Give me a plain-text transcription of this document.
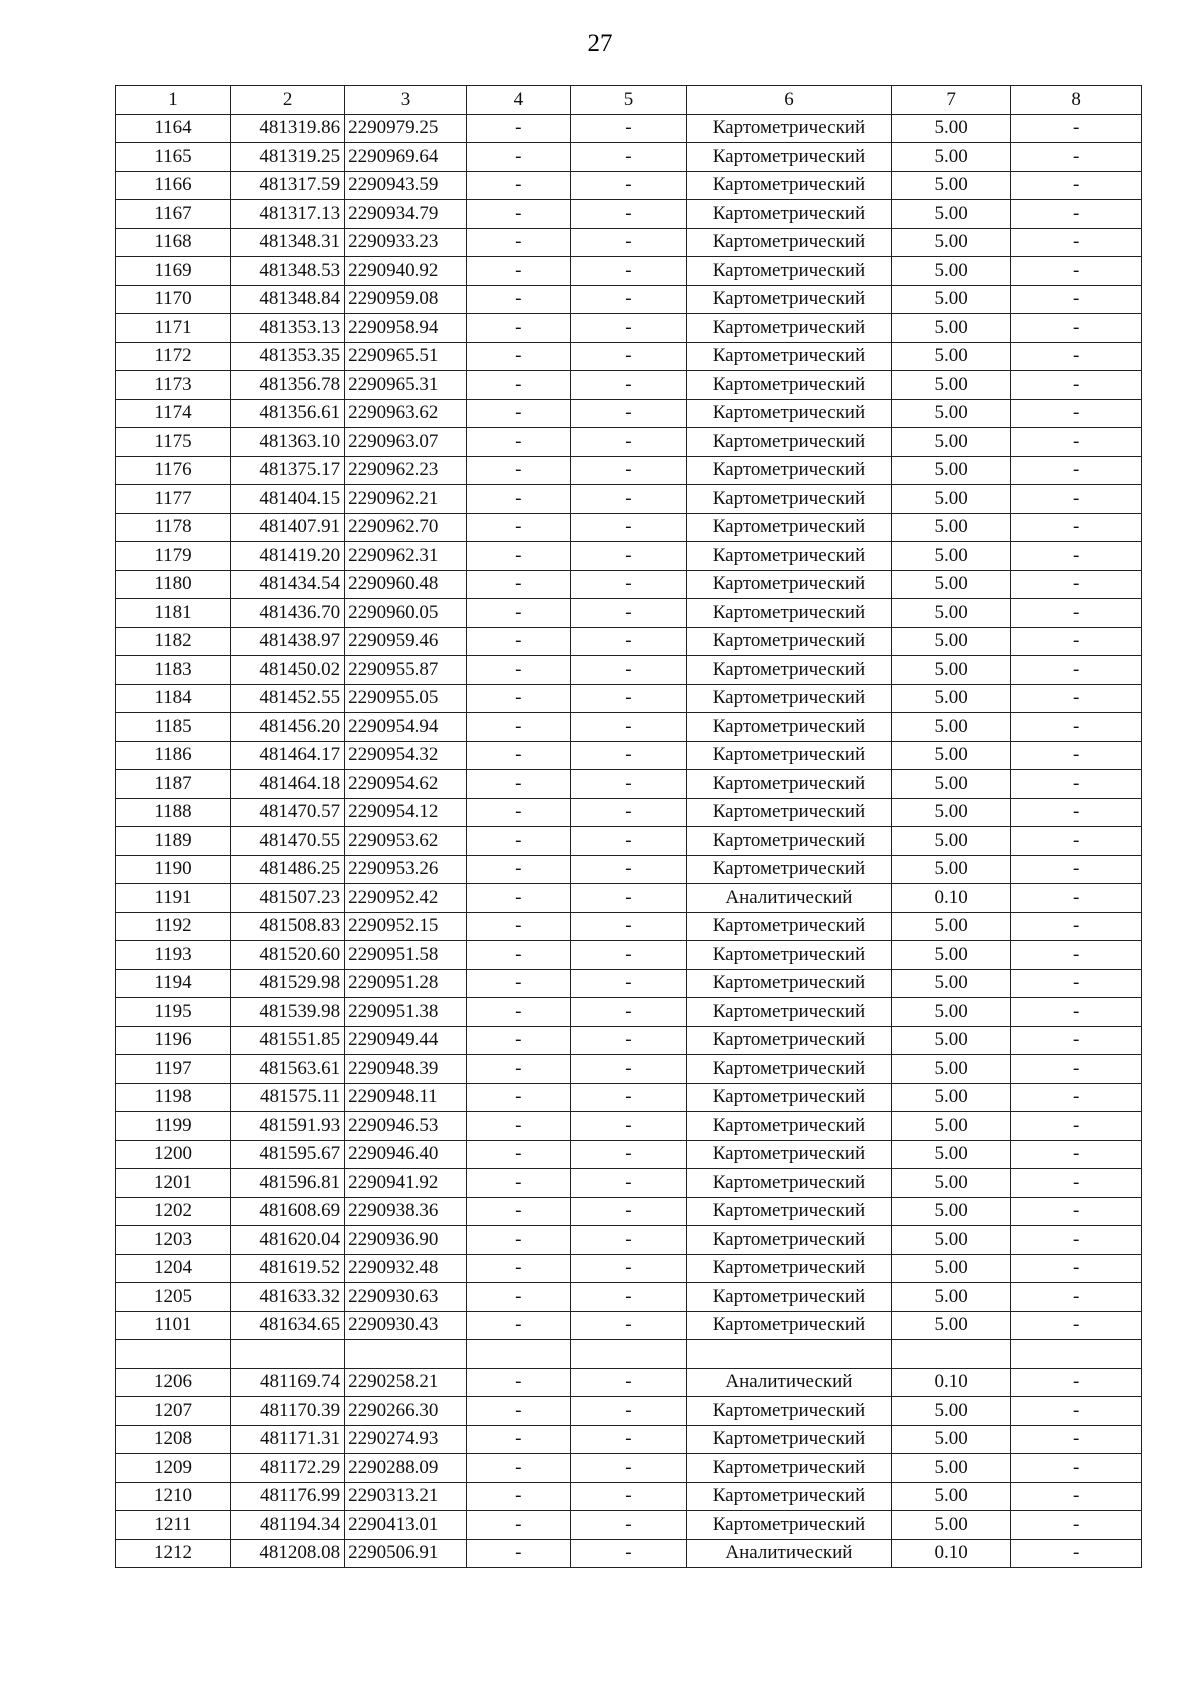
27
1	2	3	4	5	6	7	8
1164	481319.86	2290979.25	-	-	Картометрический	5.00	-
1165	481319.25	2290969.64	-	-	Картометрический	5.00	-
1166	481317.59	2290943.59	-	-	Картометрический	5.00	-
1167	481317.13	2290934.79	-	-	Картометрический	5.00	-
1168	481348.31	2290933.23	-	-	Картометрический	5.00	-
1169	481348.53	2290940.92	-	-	Картометрический	5.00	-
1170	481348.84	2290959.08	-	-	Картометрический	5.00	-
1171	481353.13	2290958.94	-	-	Картометрический	5.00	-
1172	481353.35	2290965.51	-	-	Картометрический	5.00	-
1173	481356.78	2290965.31	-	-	Картометрический	5.00	-
1174	481356.61	2290963.62	-	-	Картометрический	5.00	-
1175	481363.10	2290963.07	-	-	Картометрический	5.00	-
1176	481375.17	2290962.23	-	-	Картометрический	5.00	-
1177	481404.15	2290962.21	-	-	Картометрический	5.00	-
1178	481407.91	2290962.70	-	-	Картометрический	5.00	-
1179	481419.20	2290962.31	-	-	Картометрический	5.00	-
1180	481434.54	2290960.48	-	-	Картометрический	5.00	-
1181	481436.70	2290960.05	-	-	Картометрический	5.00	-
1182	481438.97	2290959.46	-	-	Картометрический	5.00	-
1183	481450.02	2290955.87	-	-	Картометрический	5.00	-
1184	481452.55	2290955.05	-	-	Картометрический	5.00	-
1185	481456.20	2290954.94	-	-	Картометрический	5.00	-
1186	481464.17	2290954.32	-	-	Картометрический	5.00	-
1187	481464.18	2290954.62	-	-	Картометрический	5.00	-
1188	481470.57	2290954.12	-	-	Картометрический	5.00	-
1189	481470.55	2290953.62	-	-	Картометрический	5.00	-
1190	481486.25	2290953.26	-	-	Картометрический	5.00	-
1191	481507.23	2290952.42	-	-	Аналитический	0.10	-
1192	481508.83	2290952.15	-	-	Картометрический	5.00	-
1193	481520.60	2290951.58	-	-	Картометрический	5.00	-
1194	481529.98	2290951.28	-	-	Картометрический	5.00	-
1195	481539.98	2290951.38	-	-	Картометрический	5.00	-
1196	481551.85	2290949.44	-	-	Картометрический	5.00	-
1197	481563.61	2290948.39	-	-	Картометрический	5.00	-
1198	481575.11	2290948.11	-	-	Картометрический	5.00	-
1199	481591.93	2290946.53	-	-	Картометрический	5.00	-
1200	481595.67	2290946.40	-	-	Картометрический	5.00	-
1201	481596.81	2290941.92	-	-	Картометрический	5.00	-
1202	481608.69	2290938.36	-	-	Картометрический	5.00	-
1203	481620.04	2290936.90	-	-	Картометрический	5.00	-
1204	481619.52	2290932.48	-	-	Картометрический	5.00	-
1205	481633.32	2290930.63	-	-	Картометрический	5.00	-
1101	481634.65	2290930.43	-	-	Картометрический	5.00	-

1206	481169.74	2290258.21	-	-	Аналитический	0.10	-
1207	481170.39	2290266.30	-	-	Картометрический	5.00	-
1208	481171.31	2290274.93	-	-	Картометрический	5.00	-
1209	481172.29	2290288.09	-	-	Картометрический	5.00	-
1210	481176.99	2290313.21	-	-	Картометрический	5.00	-
1211	481194.34	2290413.01	-	-	Картометрический	5.00	-
1212	481208.08	2290506.91	-	-	Аналитический	0.10	-
